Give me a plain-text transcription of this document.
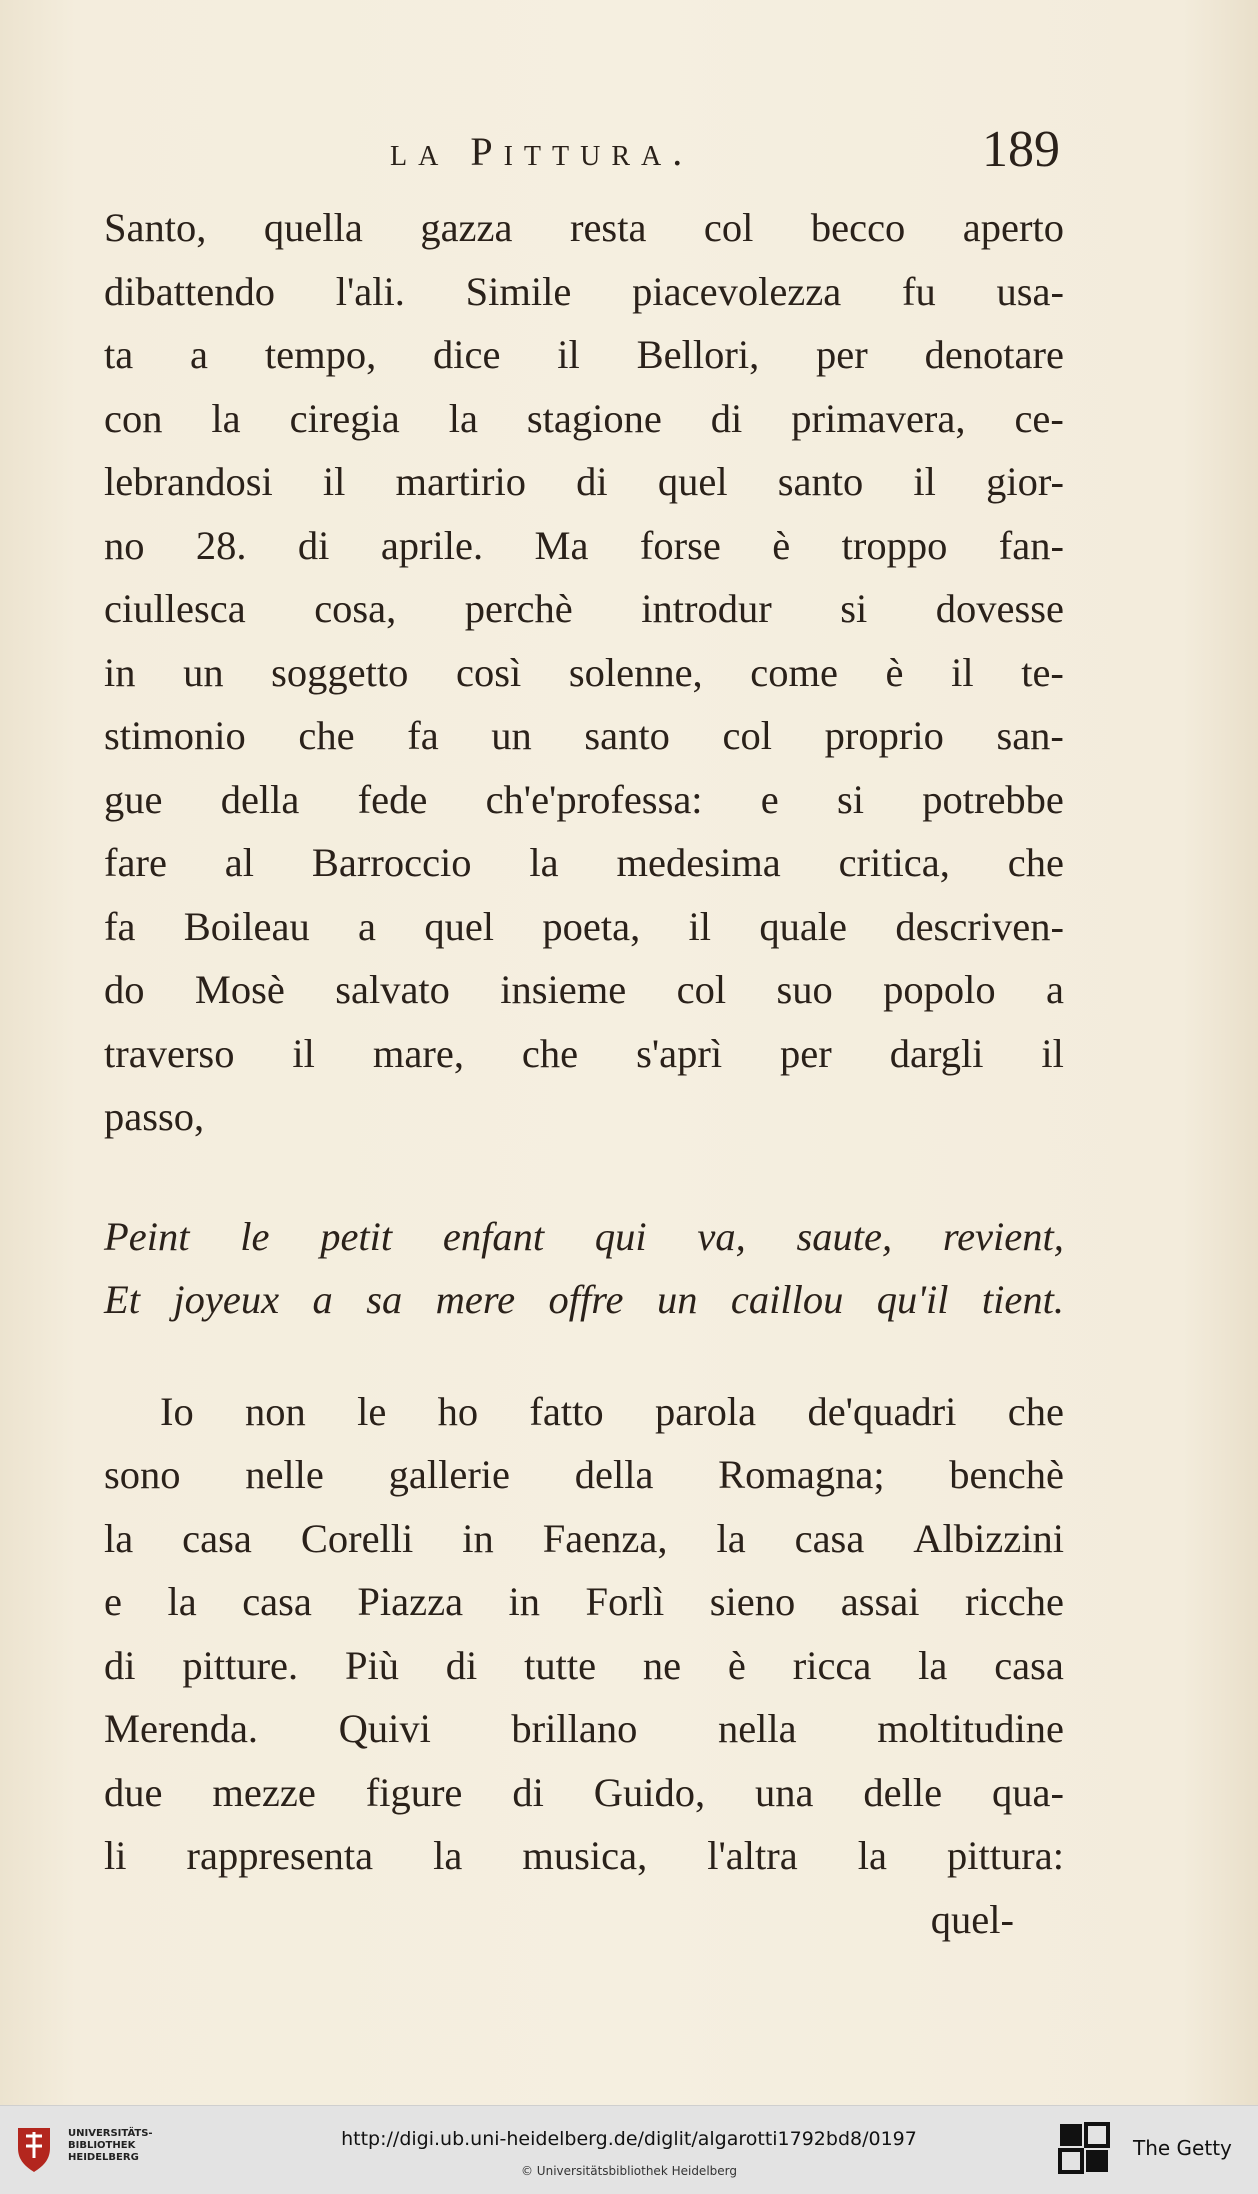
la Pittura.	189
Santo, quella gazza resta col becco aperto
dibattendo l'ali. Simile piacevolezza fu usa-
ta a tempo, dice il Bellori, per denotare
con la ciregia la stagione di primavera, ce-
lebrandosi il martirio di quel santo il gior-
no 28. di aprile. Ma forse è troppo fan-
ciullesca cosa, perchè introdur si dovesse
in un soggetto così solenne, come è il te-
stimonio che fa un santo col proprio san-
gue della fede ch'e'professa: e si potrebbe
fare al Barroccio la medesima critica, che
fa Boileau a quel poeta, il quale descriven-
do Mosè salvato insieme col suo popolo a
traverso il mare, che s'aprì per dargli il
passo,
Peint le petit enfant qui va, saute, revient,
Et joyeux a sa mere offre un caillou qu'il tient.
Io non le ho fatto parola de'quadri che
sono nelle gallerie della Romagna; benchè
la casa Corelli in Faenza, la casa Albizzini
e la casa Piazza in Forlì sieno assai ricche
di pitture. Più di tutte ne è ricca la casa
Merenda. Quivi brillano nella moltitudine
due mezze figure di Guido, una delle qua-
li rappresenta la musica, l'altra la pittura:
quel-
UNIVERSITÄTS-
BIBLIOTHEK
HEIDELBERG
http://digi.ub.uni-heidelberg.de/diglit/algarotti1792bd8/0197
© Universitätsbibliothek Heidelberg
The Getty
